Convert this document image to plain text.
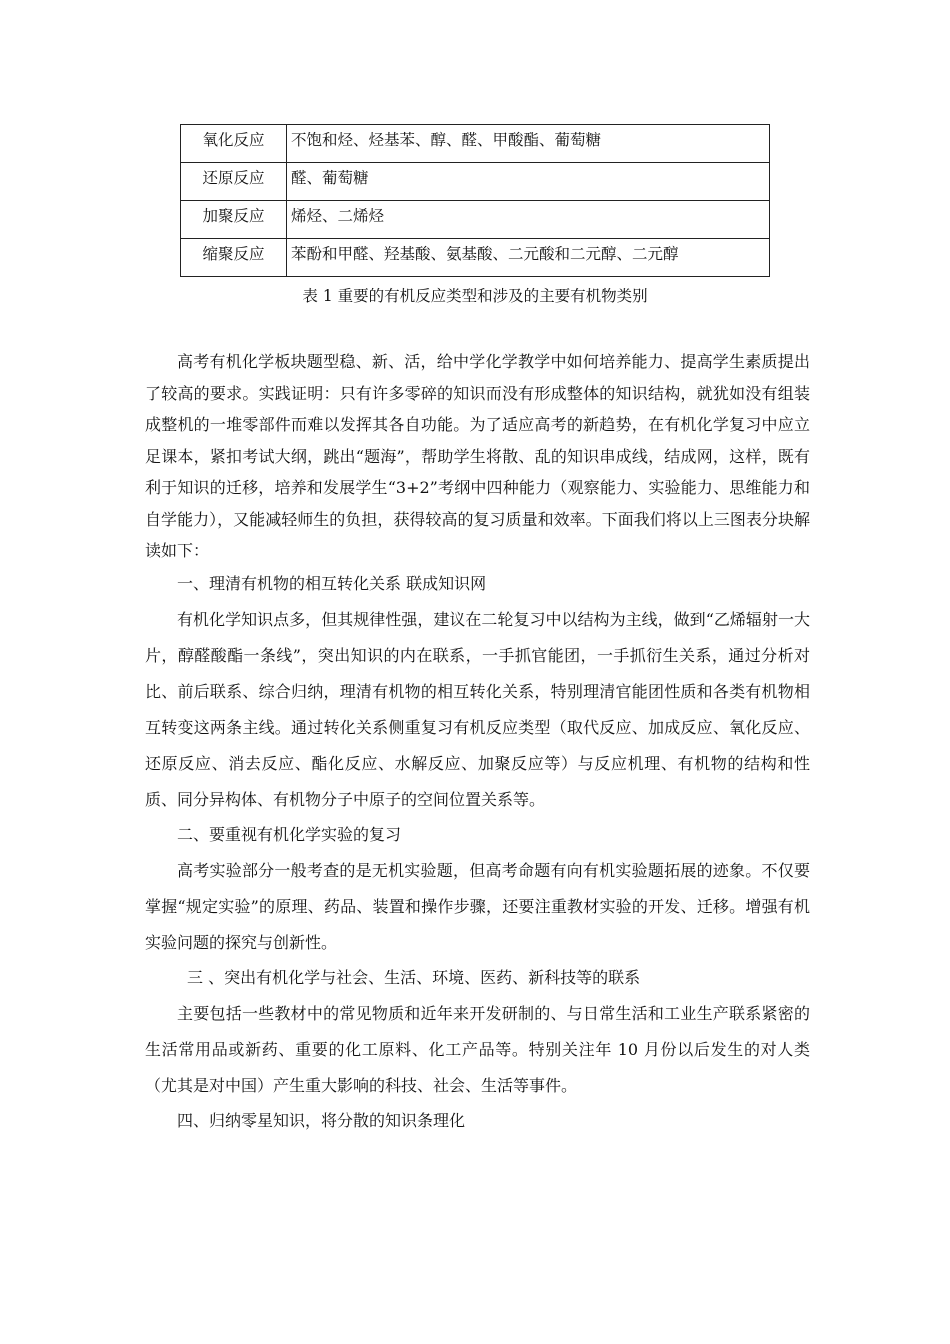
氧化反应	不饱和烃、烃基苯、醇、醛、甲酸酯、葡萄糖
还原反应	醛、葡萄糖
加聚反应	烯烃、二烯烃
缩聚反应	苯酚和甲醛、羟基酸、氨基酸、二元酸和二元醇、二元醇
表 1 重要的有机反应类型和涉及的主要有机物类别

高考有机化学板块题型稳、新、活，给中学化学教学中如何培养能力、提高学生素质提出了较高的要求。实践证明：只有许多零碎的知识而没有形成整体的知识结构，就犹如没有组装成整机的一堆零部件而难以发挥其各自功能。为了适应高考的新趋势，在有机化学复习中应立足课本，紧扣考试大纲，跳出“题海”，帮助学生将散、乱的知识串成线，结成网，这样，既有利于知识的迁移，培养和发展学生“3+2”考纲中四种能力（观察能力、实验能力、思维能力和自学能力），又能减轻师生的负担，获得较高的复习质量和效率。下面我们将以上三图表分块解读如下：

一、理清有机物的相互转化关系 联成知识网

有机化学知识点多，但其规律性强，建议在二轮复习中以结构为主线，做到“乙烯辐射一大片，醇醛酸酯一条线”，突出知识的内在联系，一手抓官能团，一手抓衍生关系，通过分析对比、前后联系、综合归纳，理清有机物的相互转化关系，特别理清官能团性质和各类有机物相互转变这两条主线。通过转化关系侧重复习有机反应类型（取代反应、加成反应、氧化反应、还原反应、消去反应、酯化反应、水解反应、加聚反应等）与反应机理、有机物的结构和性质、同分异构体、有机物分子中原子的空间位置关系等。

二、要重视有机化学实验的复习

高考实验部分一般考查的是无机实验题，但高考命题有向有机实验题拓展的迹象。不仅要掌握“规定实验”的原理、药品、装置和操作步骤，还要注重教材实验的开发、迁移。增强有机实验问题的探究与创新性。

三 、突出有机化学与社会、生活、环境、医药、新科技等的联系

主要包括一些教材中的常见物质和近年来开发研制的、与日常生活和工业生产联系紧密的生活常用品或新药、重要的化工原料、化工产品等。特别关注年 10 月份以后发生的对人类（尤其是对中国）产生重大影响的科技、社会、生活等事件。

四、归纳零星知识，将分散的知识条理化
